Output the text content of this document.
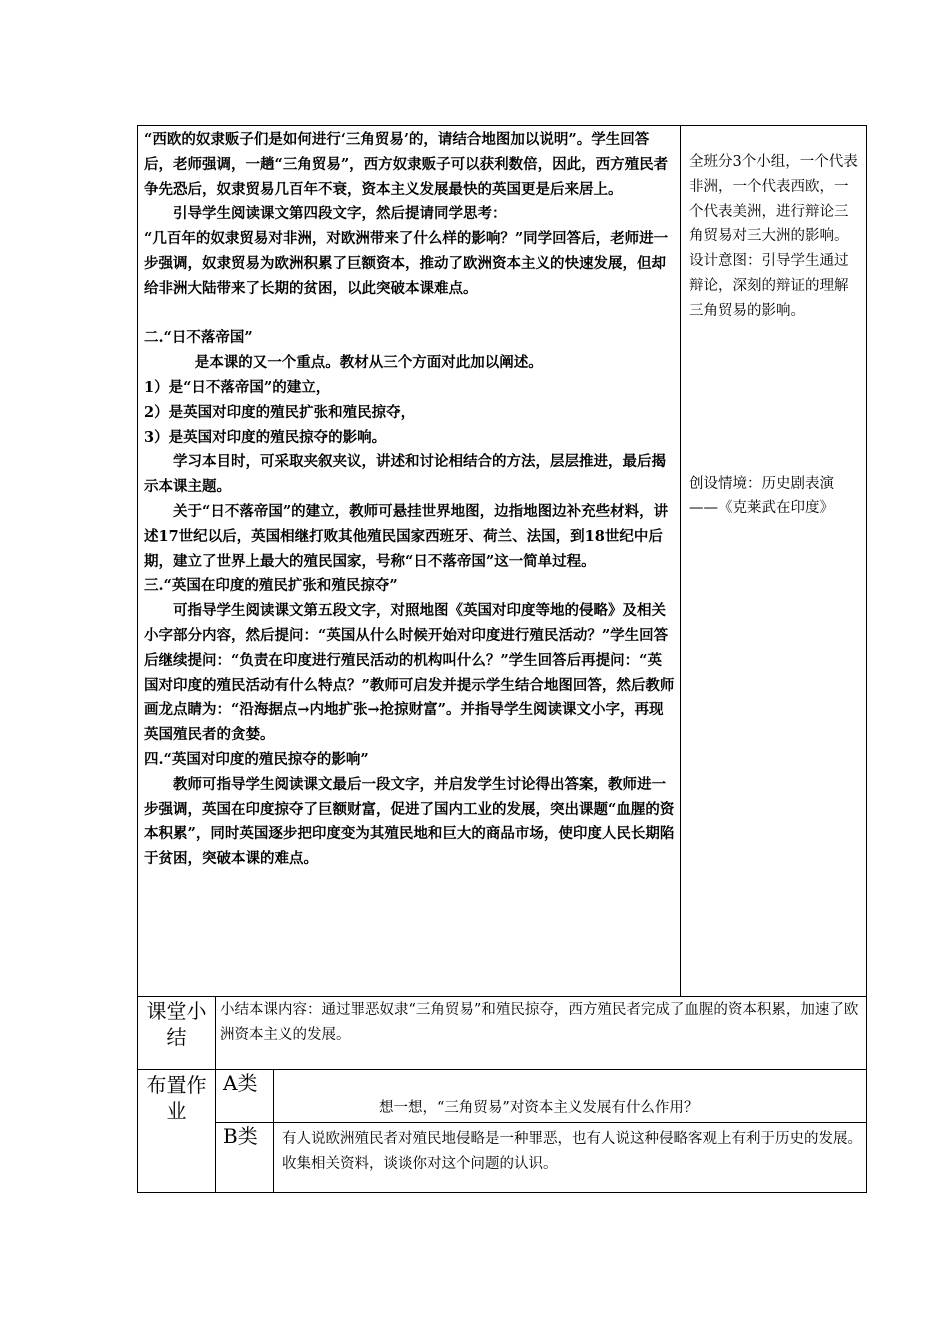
“西欧的奴隶贩子们是如何进行‘三角贸易’的，请结合地图加以说明”。学生回答后，老师强调，一趟“三角贸易”，西方奴隶贩子可以获利数倍，因此，西方殖民者争先恐后，奴隶贸易几百年不衰，资本主义发展最快的英国更是后来居上。

引导学生阅读课文第四段文字，然后提请同学思考：

“几百年的奴隶贸易对非洲，对欧洲带来了什么样的影响？”同学回答后，老师进一步强调，奴隶贸易为欧洲积累了巨额资本，推动了欧洲资本主义的快速发展，但却给非洲大陆带来了长期的贫困，以此突破本课难点。

二.“日不落帝国”

是本课的又一个重点。教材从三个方面对此加以阐述。

1）是“日不落帝国”的建立，

2）是英国对印度的殖民扩张和殖民掠夺，

3）是英国对印度的殖民掠夺的影响。

学习本目时，可采取夹叙夹议，讲述和讨论相结合的方法，层层推进，最后揭示本课主题。

关于“日不落帝国”的建立，教师可悬挂世界地图，边指地图边补充些材料，讲述17世纪以后，英国相继打败其他殖民国家西班牙、荷兰、法国，到18世纪中后期，建立了世界上最大的殖民国家，号称“日不落帝国”这一简单过程。

三.“英国在印度的殖民扩张和殖民掠夺”

可指导学生阅读课文第五段文字，对照地图《英国对印度等地的侵略》及相关小字部分内容，然后提问：“英国从什么时候开始对印度进行殖民活动？”学生回答后继续提问：“负责在印度进行殖民活动的机构叫什么？”学生回答后再提问：“英国对印度的殖民活动有什么特点？”教师可启发并提示学生结合地图回答，然后教师画龙点睛为：“沿海据点→内地扩张→抢掠财富”。并指导学生阅读课文小字，再现英国殖民者的贪婪。

四.“英国对印度的殖民掠夺的影响”

教师可指导学生阅读课文最后一段文字，并启发学生讨论得出答案，教师进一步强调，英国在印度掠夺了巨额财富，促进了国内工业的发展，突出课题“血腥的资本积累”，同时英国逐步把印度变为其殖民地和巨大的商品市场，使印度人民长期陷于贫困，突破本课的难点。

全班分3个小组，一个代表非洲，一个代表西欧，一个代表美洲，进行辩论三角贸易对三大洲的影响。设计意图：引导学生通过辩论，深刻的辩证的理解三角贸易的影响。

创设情境：历史剧表演——《克莱武在印度》

课堂小结
小结本课内容：通过罪恶奴隶“三角贸易”和殖民掠夺，西方殖民者完成了血腥的资本积累，加速了欧洲资本主义的发展。
布置作业
A类
想一想，“三角贸易”对资本主义发展有什么作用？
B类	有人说欧洲殖民者对殖民地侵略是一种罪恶，也有人说这种侵略客观上有利于历史的发展。收集相关资料，谈谈你对这个问题的认识。
